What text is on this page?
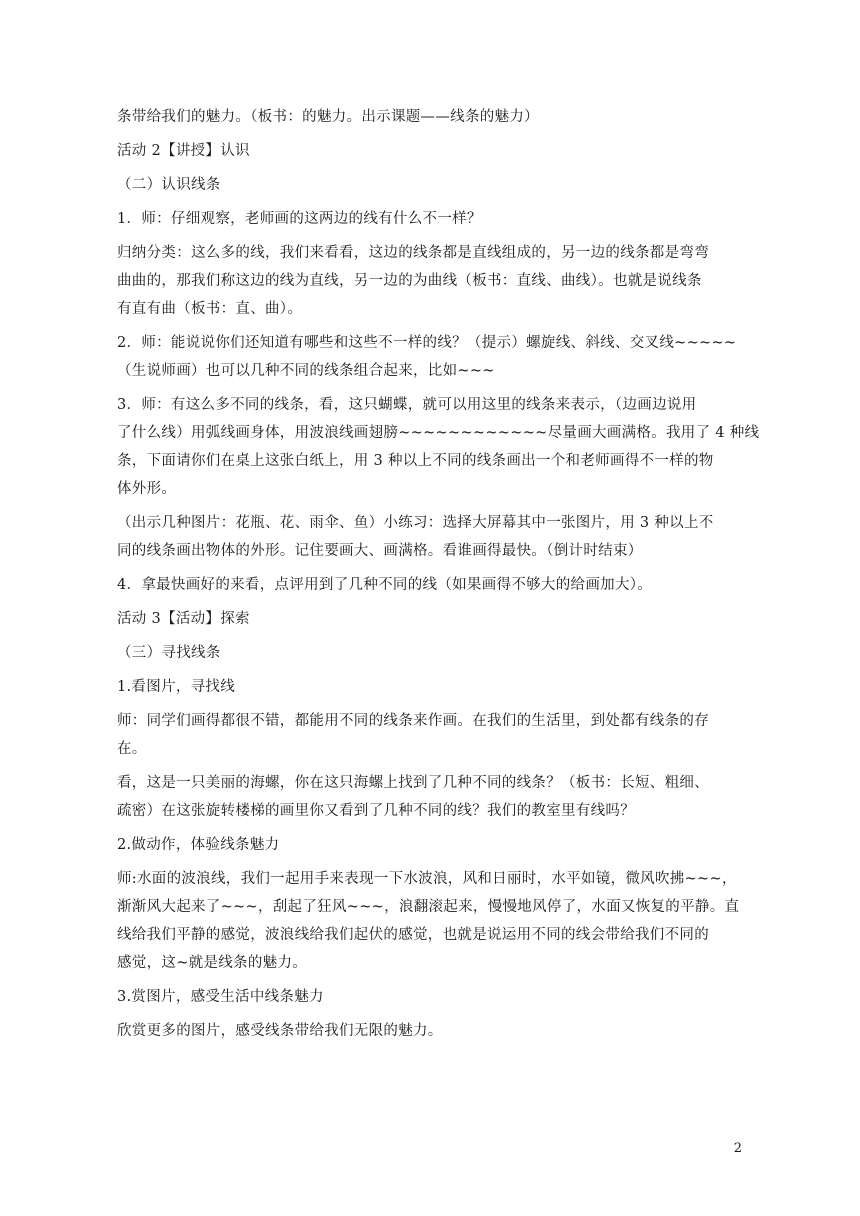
条带给我们的魅力。（板书：的魅力。出示课题——线条的魅力）

活动 2【讲授】认识

（二）认识线条

1．师：仔细观察，老师画的这两边的线有什么不一样？

归纳分类：这么多的线，我们来看看，这边的线条都是直线组成的，另一边的线条都是弯弯

曲曲的，那我们称这边的线为直线，另一边的为曲线（板书：直线、曲线）。也就是说线条

有直有曲（板书：直、曲）。

2．师：能说说你们还知道有哪些和这些不一样的线？（提示）螺旋线、斜线、交叉线~~~~~

（生说师画）也可以几种不同的线条组合起来，比如~~~

3．师：有这么多不同的线条，看，这只蝴蝶，就可以用这里的线条来表示，（边画边说用

了什么线）用弧线画身体，用波浪线画翅膀~~~~~~~~~~~~尽量画大画满格。我用了 4 种线

条，下面请你们在桌上这张白纸上，用 3 种以上不同的线条画出一个和老师画得不一样的物

体外形。

（出示几种图片：花瓶、花、雨伞、鱼）小练习：选择大屏幕其中一张图片，用 3 种以上不

同的线条画出物体的外形。记住要画大、画满格。看谁画得最快。（倒计时结束）

4．拿最快画好的来看，点评用到了几种不同的线（如果画得不够大的给画加大）。

活动 3【活动】探索

（三）寻找线条

1.看图片，寻找线

师：同学们画得都很不错，都能用不同的线条来作画。在我们的生活里，到处都有线条的存

在。

看，这是一只美丽的海螺，你在这只海螺上找到了几种不同的线条？（板书：长短、粗细、

疏密）在这张旋转楼梯的画里你又看到了几种不同的线？我们的教室里有线吗？

2.做动作，体验线条魅力

师:水面的波浪线，我们一起用手来表现一下水波浪，风和日丽时，水平如镜，微风吹拂~~~，

渐渐风大起来了~~~，刮起了狂风~~~，浪翻滚起来，慢慢地风停了，水面又恢复的平静。直

线给我们平静的感觉，波浪线给我们起伏的感觉，也就是说运用不同的线会带给我们不同的

感觉，这~就是线条的魅力。

3.赏图片，感受生活中线条魅力

欣赏更多的图片，感受线条带给我们无限的魅力。

2
